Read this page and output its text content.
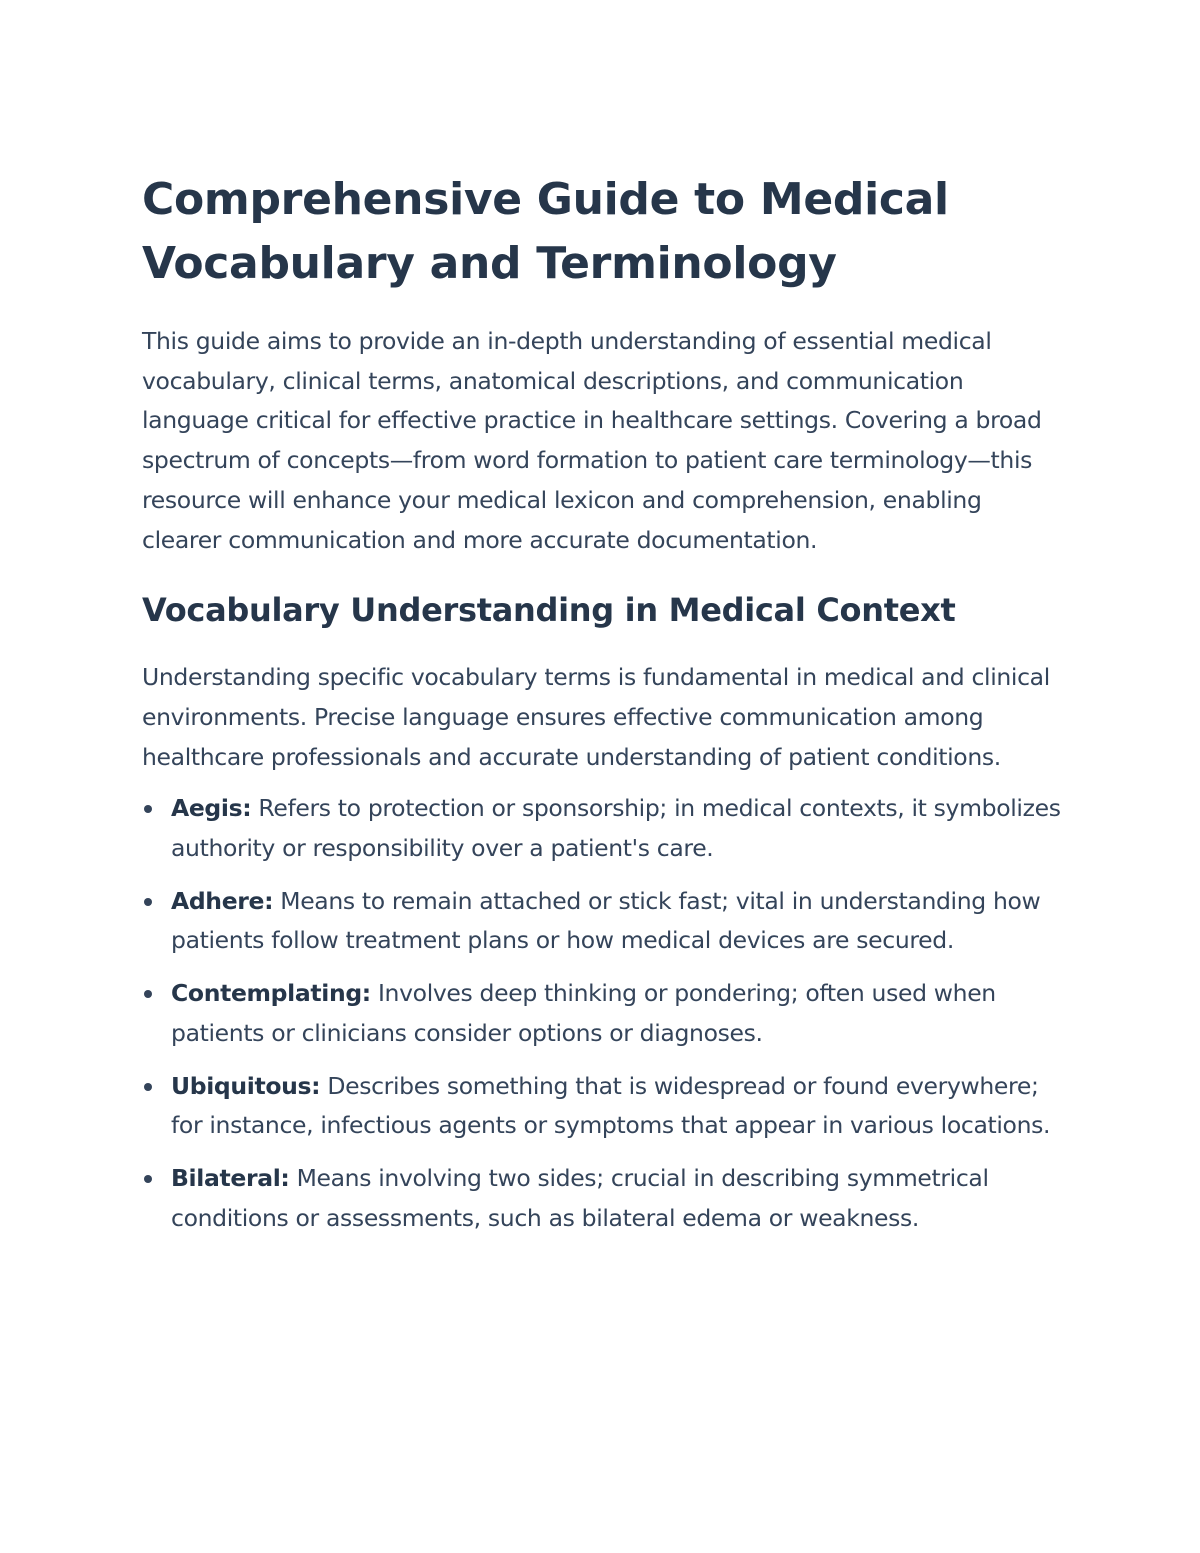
Comprehensive Guide to Medical Vocabulary and Terminology

This guide aims to provide an in-depth understanding of essential medical vocabulary, clinical terms, anatomical descriptions, and communication language critical for effective practice in healthcare settings. Covering a broad spectrum of concepts—from word formation to patient care terminology—this resource will enhance your medical lexicon and comprehension, enabling clearer communication and more accurate documentation.

Vocabulary Understanding in Medical Context

Understanding specific vocabulary terms is fundamental in medical and clinical environments. Precise language ensures effective communication among healthcare professionals and accurate understanding of patient conditions.

Aegis: Refers to protection or sponsorship; in medical contexts, it symbolizes authority or responsibility over a patient's care.
Adhere: Means to remain attached or stick fast; vital in understanding how patients follow treatment plans or how medical devices are secured.
Contemplating: Involves deep thinking or pondering; often used when patients or clinicians consider options or diagnoses.
Ubiquitous: Describes something that is widespread or found everywhere; for instance, infectious agents or symptoms that appear in various locations.
Bilateral: Means involving two sides; crucial in describing symmetrical conditions or assessments, such as bilateral edema or weakness.
